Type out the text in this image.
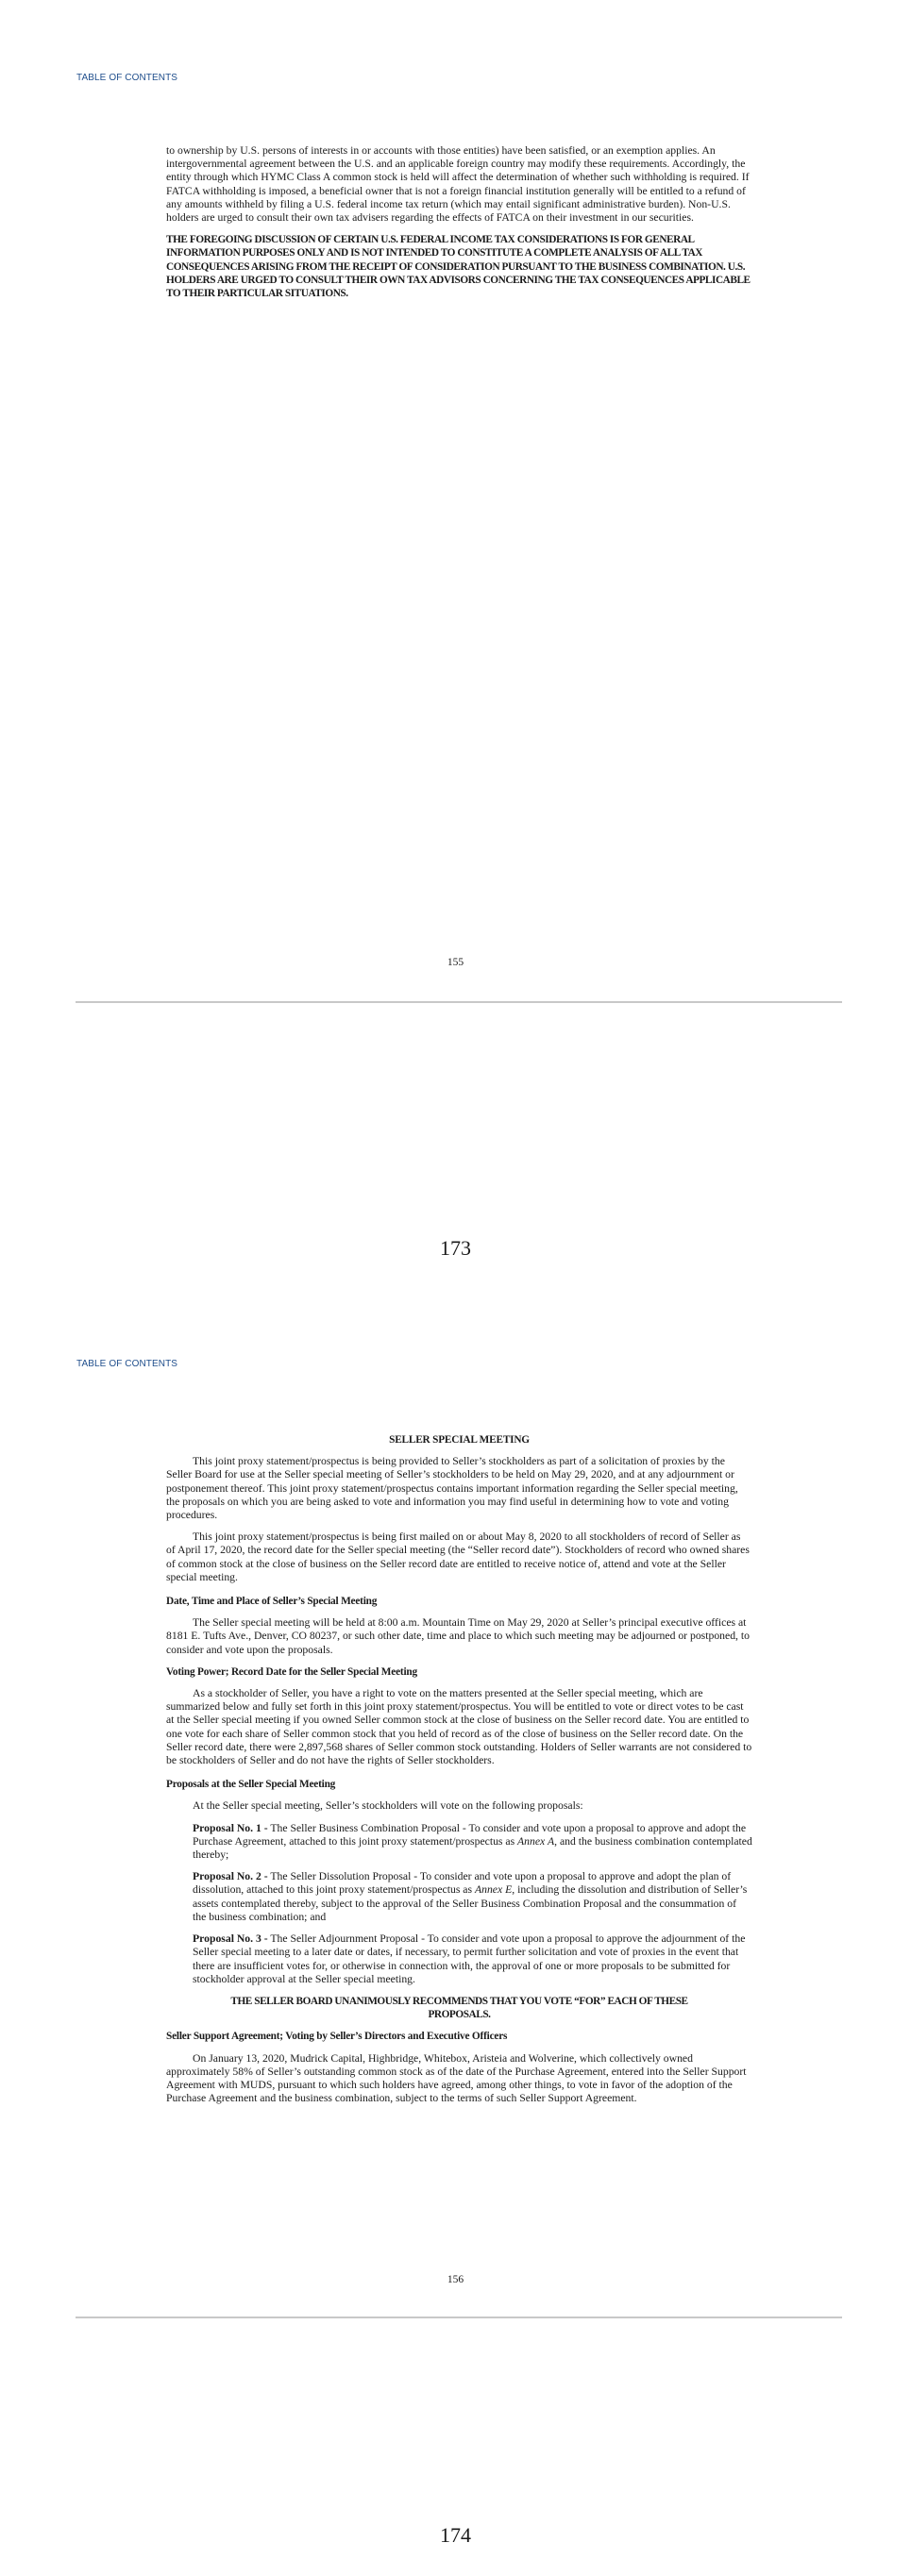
TABLE OF CONTENTS

to ownership by U.S. persons of interests in or accounts with those entities) have been satisfied, or an exemption applies. An intergovernmental agreement between the U.S. and an applicable foreign country may modify these requirements. Accordingly, the entity through which HYMC Class A common stock is held will affect the determination of whether such withholding is required. If FATCA withholding is imposed, a beneficial owner that is not a foreign financial institution generally will be entitled to a refund of any amounts withheld by filing a U.S. federal income tax return (which may entail significant administrative burden). Non-U.S. holders are urged to consult their own tax advisers regarding the effects of FATCA on their investment in our securities.

THE FOREGOING DISCUSSION OF CERTAIN U.S. FEDERAL INCOME TAX CONSIDERATIONS IS FOR GENERAL INFORMATION PURPOSES ONLY AND IS NOT INTENDED TO CONSTITUTE A COMPLETE ANALYSIS OF ALL TAX CONSEQUENCES ARISING FROM THE RECEIPT OF CONSIDERATION PURSUANT TO THE BUSINESS COMBINATION. U.S. HOLDERS ARE URGED TO CONSULT THEIR OWN TAX ADVISORS CONCERNING THE TAX CONSEQUENCES APPLICABLE TO THEIR PARTICULAR SITUATIONS.

155
173
TABLE OF CONTENTS

SELLER SPECIAL MEETING

This joint proxy statement/prospectus is being provided to Seller’s stockholders as part of a solicitation of proxies by the Seller Board for use at the Seller special meeting of Seller’s stockholders to be held on May 29, 2020, and at any adjournment or postponement thereof. This joint proxy statement/prospectus contains important information regarding the Seller special meeting, the proposals on which you are being asked to vote and information you may find useful in determining how to vote and voting procedures.

This joint proxy statement/prospectus is being first mailed on or about May 8, 2020 to all stockholders of record of Seller as of April 17, 2020, the record date for the Seller special meeting (the “Seller record date”). Stockholders of record who owned shares of common stock at the close of business on the Seller record date are entitled to receive notice of, attend and vote at the Seller special meeting.

Date, Time and Place of Seller’s Special Meeting

The Seller special meeting will be held at 8:00 a.m. Mountain Time on May 29, 2020 at Seller’s principal executive offices at 8181 E. Tufts Ave., Denver, CO 80237, or such other date, time and place to which such meeting may be adjourned or postponed, to consider and vote upon the proposals.

Voting Power; Record Date for the Seller Special Meeting

As a stockholder of Seller, you have a right to vote on the matters presented at the Seller special meeting, which are summarized below and fully set forth in this joint proxy statement/prospectus. You will be entitled to vote or direct votes to be cast at the Seller special meeting if you owned Seller common stock at the close of business on the Seller record date. You are entitled to one vote for each share of Seller common stock that you held of record as of the close of business on the Seller record date. On the Seller record date, there were 2,897,568 shares of Seller common stock outstanding. Holders of Seller warrants are not considered to be stockholders of Seller and do not have the rights of Seller stockholders.

Proposals at the Seller Special Meeting

At the Seller special meeting, Seller’s stockholders will vote on the following proposals:

Proposal No. 1 - The Seller Business Combination Proposal - To consider and vote upon a proposal to approve and adopt the Purchase Agreement, attached to this joint proxy statement/prospectus as Annex A, and the business combination contemplated thereby;

Proposal No. 2 - The Seller Dissolution Proposal - To consider and vote upon a proposal to approve and adopt the plan of dissolution, attached to this joint proxy statement/prospectus as Annex E, including the dissolution and distribution of Seller’s assets contemplated thereby, subject to the approval of the Seller Business Combination Proposal and the consummation of the business combination; and

Proposal No. 3 - The Seller Adjournment Proposal - To consider and vote upon a proposal to approve the adjournment of the Seller special meeting to a later date or dates, if necessary, to permit further solicitation and vote of proxies in the event that there are insufficient votes for, or otherwise in connection with, the approval of one or more proposals to be submitted for stockholder approval at the Seller special meeting.

THE SELLER BOARD UNANIMOUSLY RECOMMENDS THAT YOU VOTE “FOR” EACH OF THESE PROPOSALS.

Seller Support Agreement; Voting by Seller’s Directors and Executive Officers

On January 13, 2020, Mudrick Capital, Highbridge, Whitebox, Aristeia and Wolverine, which collectively owned approximately 58% of Seller’s outstanding common stock as of the date of the Purchase Agreement, entered into the Seller Support Agreement with MUDS, pursuant to which such holders have agreed, among other things, to vote in favor of the adoption of the Purchase Agreement and the business combination, subject to the terms of such Seller Support Agreement.

156
174
